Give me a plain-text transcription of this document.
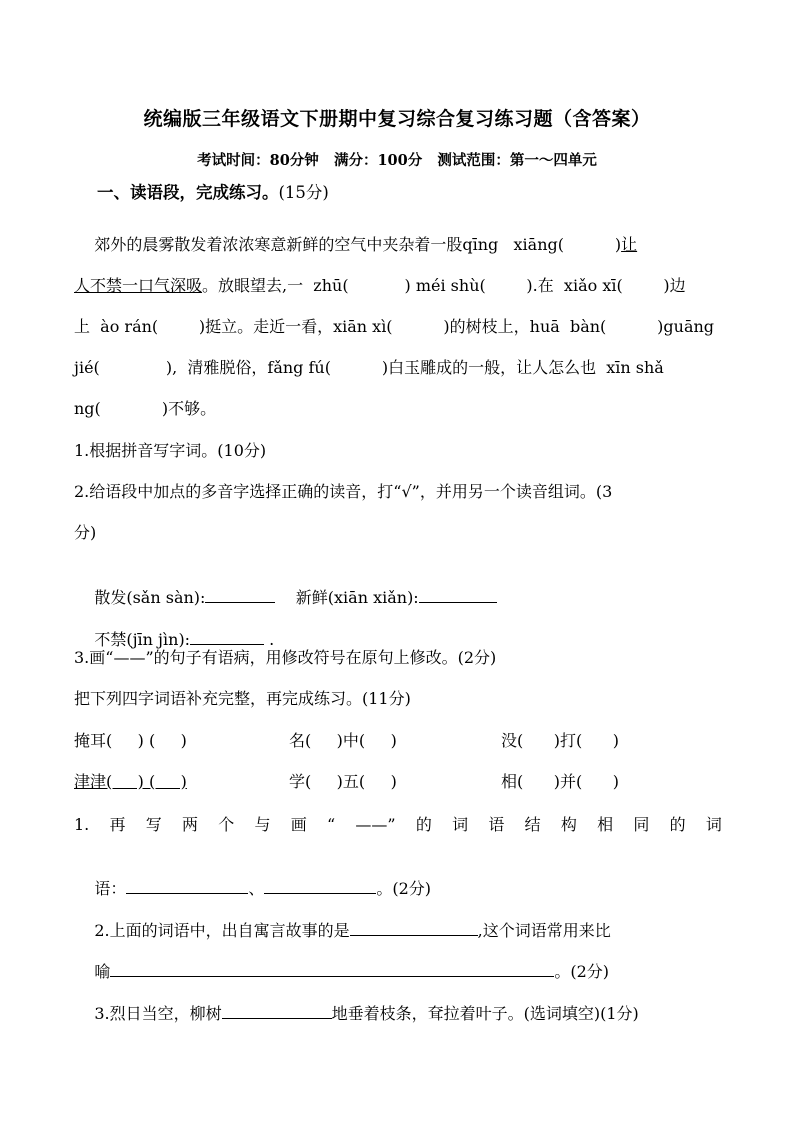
统编版三年级语文下册期中复习综合复习练习题（含答案）
考试时间：80分钟   满分：100分   测试范围：第一～四单元

一、读语段，完成练习。(15分)

郊外的晨雾散发着浓浓寒意新鲜的空气中夹杂着一股qīng   xiāng(          )让
人不禁一口气深吸。放眼望去,一  zhū(           ) méi shù(        ).在  xiǎo xī(        )边
上  ào rán(        )挺立。走近一看，xiān xì(          )的树枝上，huā  bàn(          )guāng
jié(             ),  清雅脱俗，fǎng fú(          )白玉雕成的一般，让人怎么也  xīn shǎ
ng(            )不够。
1.根据拼音写字词。(10分)
2.给语段中加点的多音字选择正确的读音，打“√”，并用另一个读音组词。(3
分)

散发(sǎn sàn):	新鲜(xiān xiǎn):

不禁(jīn jìn):	.

3.画“——”的句子有语病，用修改符号在原句上修改。(2分)
把下列四字词语补充完整，再完成练习。(11分)
掩耳(     ) (     )	名(     )中(     )	没(      )打(      )
津津(     ) (     )	学(     )五(     )	相(      )并(      )
1. 再 写 两 个 与 画 “ ——” 的 词 语 结 构 相 同 的 词

语：	、	。(2分)

2.上面的词语中，出自寓言故事的是	,这个词语常用来比

喻	。(2分)

3.烈日当空，柳树	地垂着枝条，耷拉着叶子。(选词填空)(1分)
